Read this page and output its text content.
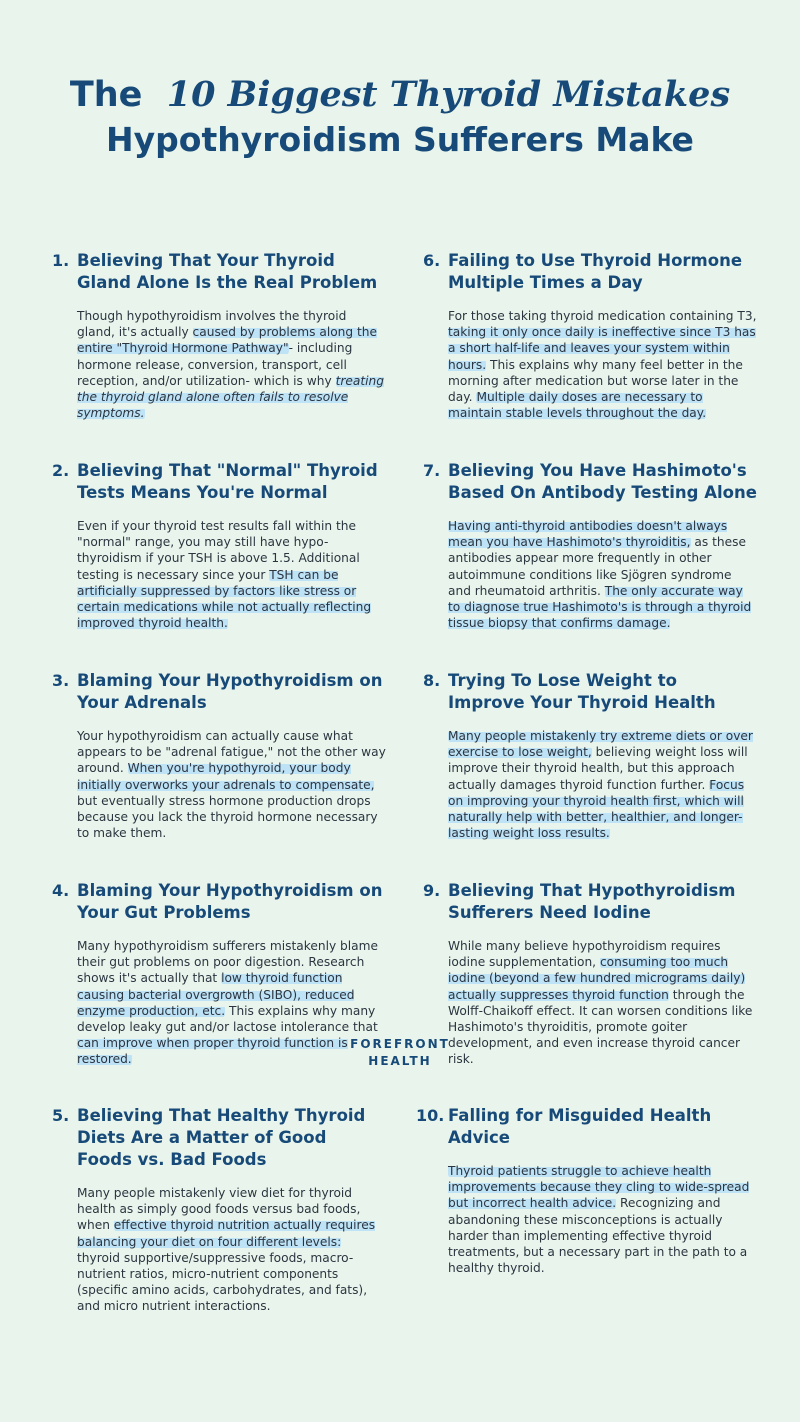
The 10 Biggest Thyroid Mistakes
Hypothyroidism Sufferers Make
1. Believing That Your Thyroid Gland Alone Is the Real Problem
Though hypothyroidism involves the thyroid gland, it's actually caused by problems along the entire "Thyroid Hormone Pathway"- including hormone release, conversion, transport, cell reception, and/or utilization- which is why treating the thyroid gland alone often fails to resolve symptoms.
2. Believing That "Normal" Thyroid Tests Means You're Normal
Even if your thyroid test results fall within the "normal" range, you may still have hypo-thyroidism if your TSH is above 1.5. Additional testing is necessary since your TSH can be artificially suppressed by factors like stress or certain medications while not actually reflecting improved thyroid health.
3. Blaming Your Hypothyroidism on Your Adrenals
Your hypothyroidism can actually cause what appears to be "adrenal fatigue," not the other way around. When you're hypothyroid, your body initially overworks your adrenals to compensate, but eventually stress hormone production drops because you lack the thyroid hormone necessary to make them.
4. Blaming Your Hypothyroidism on Your Gut Problems
Many hypothyroidism sufferers mistakenly blame their gut problems on poor digestion. Research shows it's actually that low thyroid function causing bacterial overgrowth (SIBO), reduced enzyme production, etc. This explains why many develop leaky gut and/or lactose intolerance that can improve when proper thyroid function is restored.
5. Believing That Healthy Thyroid Diets Are a Matter of Good Foods vs. Bad Foods
Many people mistakenly view diet for thyroid health as simply good foods versus bad foods, when effective thyroid nutrition actually requires balancing your diet on four different levels: thyroid supportive/suppressive foods, macro-nutrient ratios, micro-nutrient components (specific amino acids, carbohydrates, and fats), and micro nutrient interactions.
6. Failing to Use Thyroid Hormone Multiple Times a Day
For those taking thyroid medication containing T3, taking it only once daily is ineffective since T3 has a short half-life and leaves your system within hours. This explains why many feel better in the morning after medication but worse later in the day. Multiple daily doses are necessary to maintain stable levels throughout the day.
7. Believing You Have Hashimoto's Based On Antibody Testing Alone
Having anti-thyroid antibodies doesn't always mean you have Hashimoto's thyroiditis, as these antibodies appear more frequently in other autoimmune conditions like Sjögren syndrome and rheumatoid arthritis. The only accurate way to diagnose true Hashimoto's is through a thyroid tissue biopsy that confirms damage.
8. Trying To Lose Weight to Improve Your Thyroid Health
Many people mistakenly try extreme diets or over exercise to lose weight, believing weight loss will improve their thyroid health, but this approach actually damages thyroid function further. Focus on improving your thyroid health first, which will naturally help with better, healthier, and longer-lasting weight loss results.
9. Believing That Hypothyroidism Sufferers Need Iodine
While many believe hypothyroidism requires iodine supplementation, consuming too much iodine (beyond a few hundred micrograms daily) actually suppresses thyroid function through the Wolff-Chaikoff effect. It can worsen conditions like Hashimoto's thyroiditis, promote goiter development, and even increase thyroid cancer risk.
10. Falling for Misguided Health Advice
Thyroid patients struggle to achieve health improvements because they cling to wide-spread but incorrect health advice. Recognizing and abandoning these misconceptions is actually harder than implementing effective thyroid treatments, but a necessary part in the path to a healthy thyroid.
FOREFRONT
HEALTH
